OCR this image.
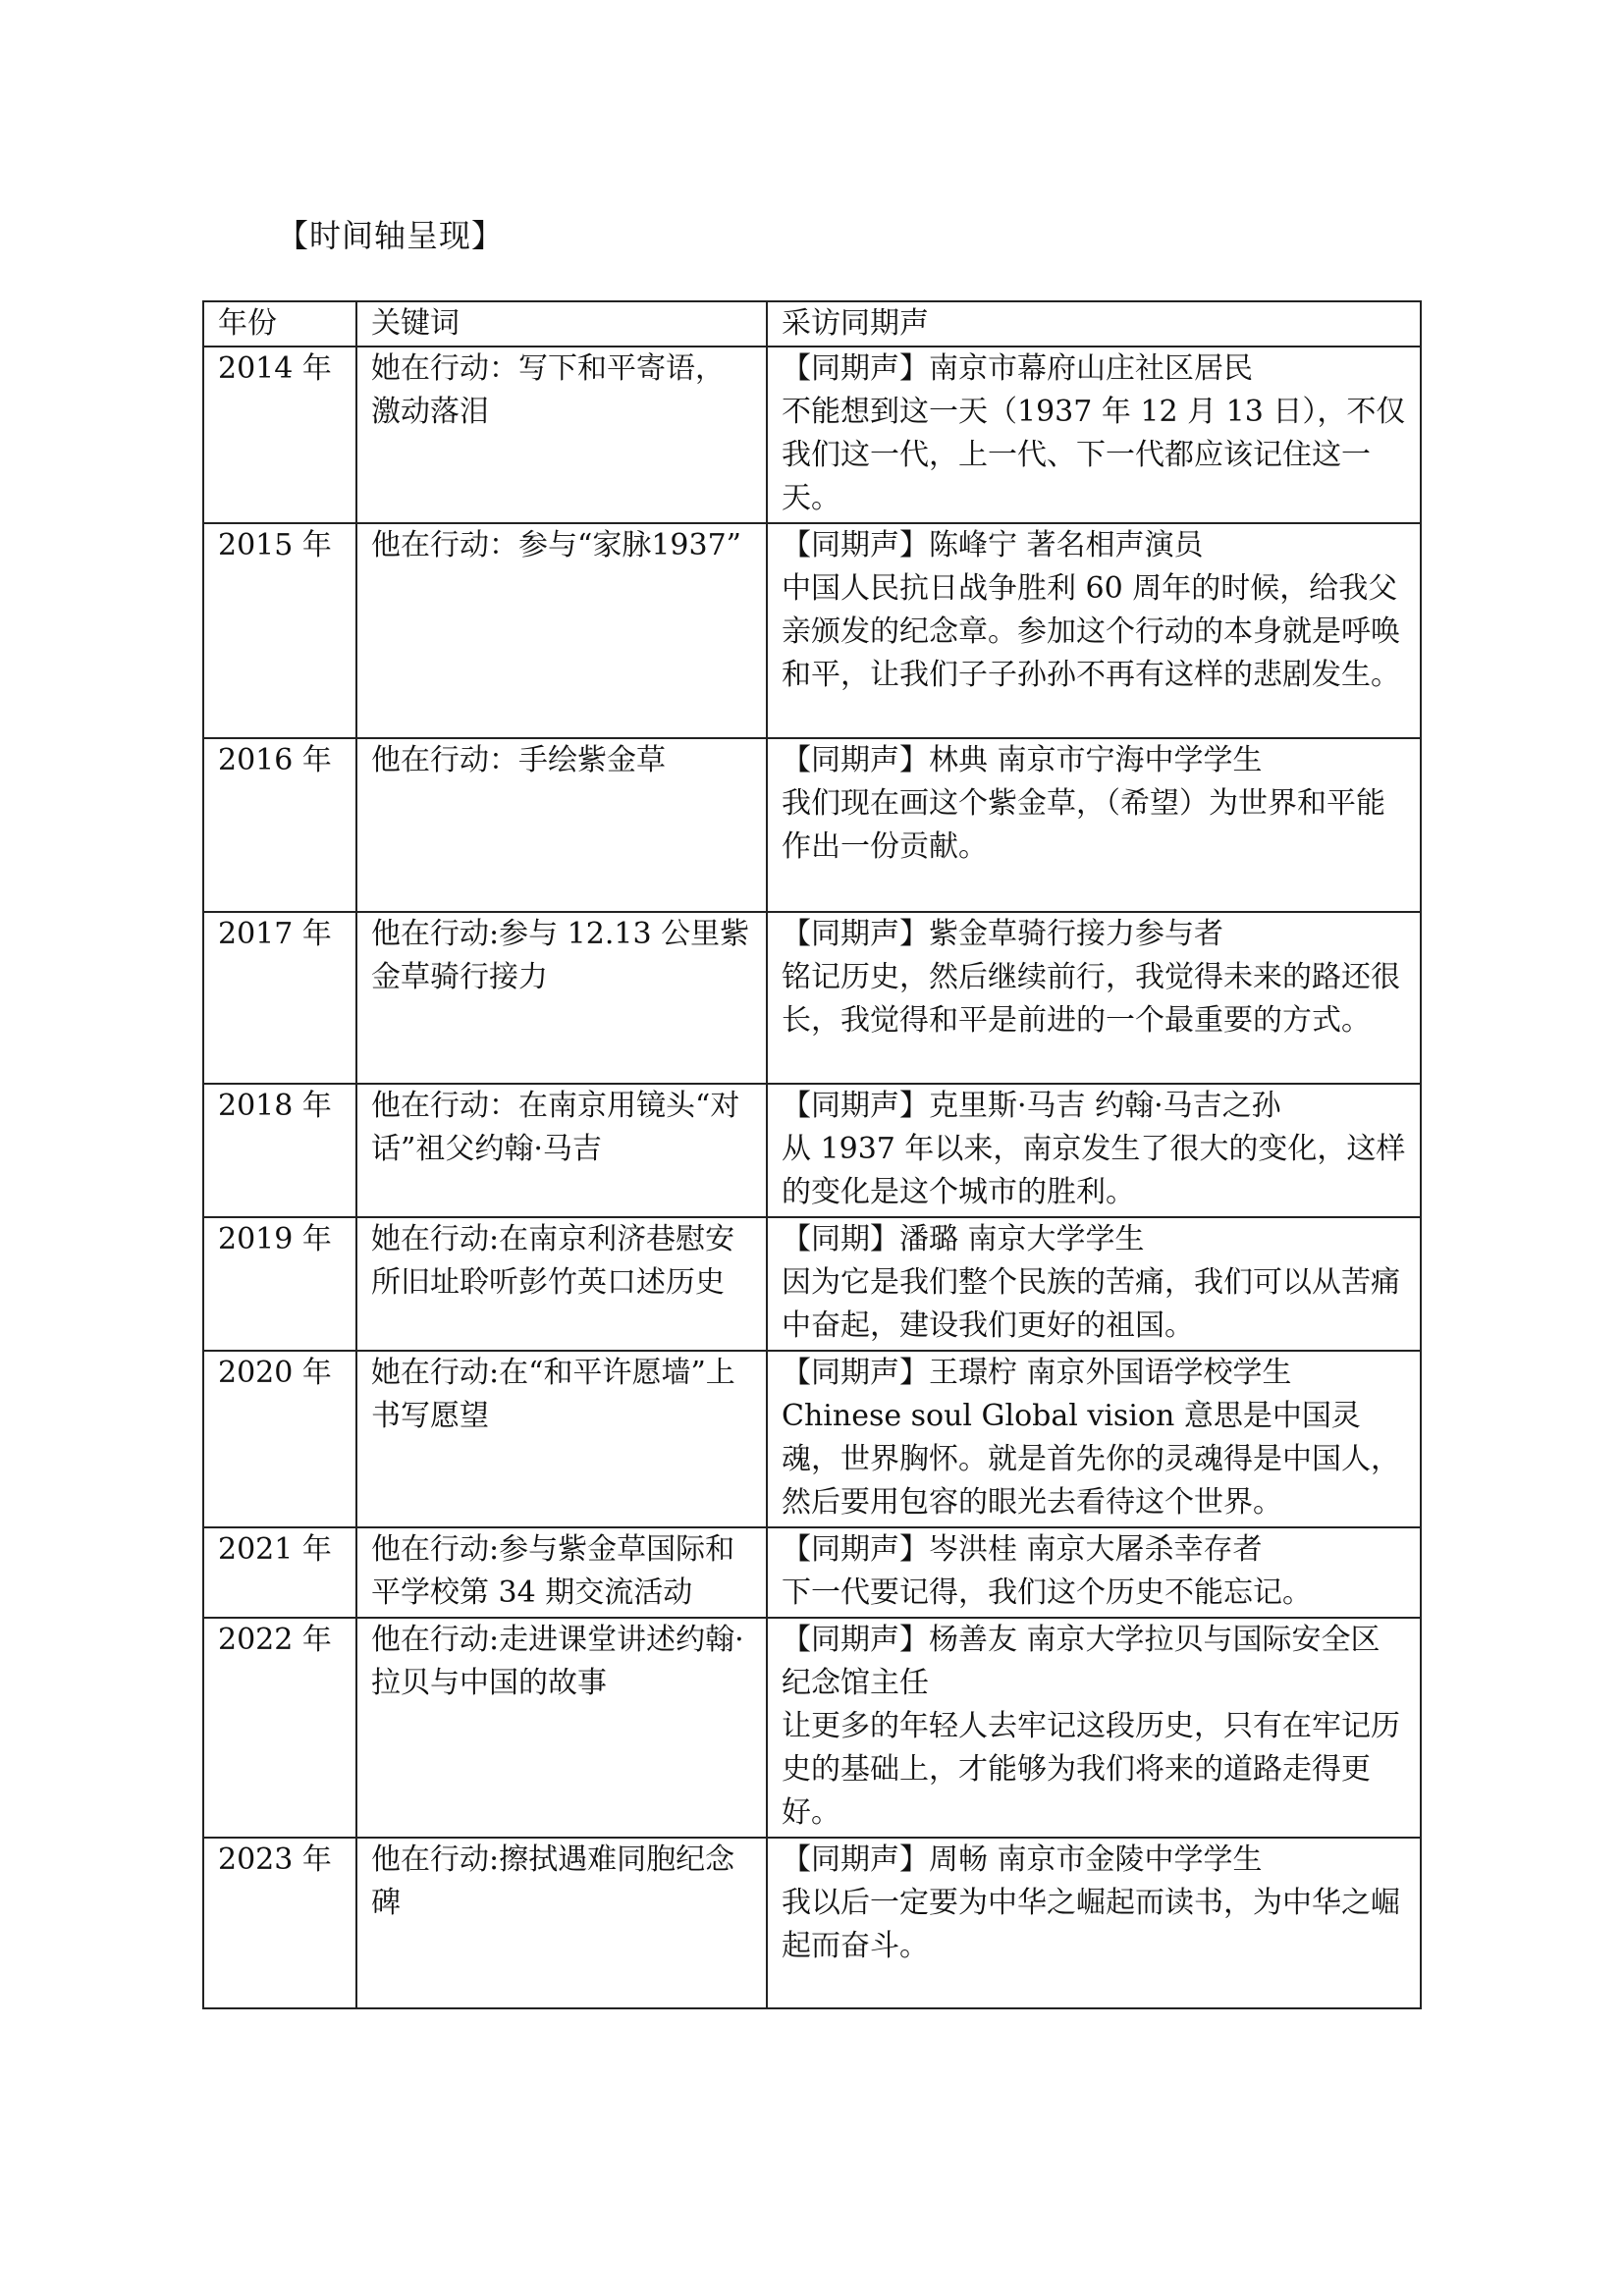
【时间轴呈现】
年份	关键词	采访同期声
2014 年	她在行动：写下和平寄语，激动落泪	【同期声】南京市幕府山庄社区居民
不能想到这一天（1937 年 12 月 13 日），不仅我们这一代，上一代、下一代都应该记住这一天。

2015 年	他在行动：参与“家脉1937”	【同期声】陈峰宁 著名相声演员
中国人民抗日战争胜利 60 周年的时候，给我父亲颁发的纪念章。参加这个行动的本身就是呼唤和平，让我们子子孙孙不再有这样的悲剧发生。

2016 年	他在行动：手绘紫金草	【同期声】林典 南京市宁海中学学生
我们现在画这个紫金草，（希望）为世界和平能作出一份贡献。

2017 年	他在行动:参与 12.13 公里紫金草骑行接力	【同期声】紫金草骑行接力参与者
铭记历史，然后继续前行，我觉得未来的路还很长，我觉得和平是前进的一个最重要的方式。

2018 年	他在行动：在南京用镜头“对话”祖父约翰·马吉	【同期声】克里斯·马吉 约翰·马吉之孙
从 1937 年以来，南京发生了很大的变化，这样的变化是这个城市的胜利。

2019 年	她在行动:在南京利济巷慰安所旧址聆听彭竹英口述历史	【同期】潘璐 南京大学学生
因为它是我们整个民族的苦痛，我们可以从苦痛中奋起，建设我们更好的祖国。

2020 年	她在行动:在“和平许愿墙”上书写愿望	【同期声】王璟柠 南京外国语学校学生
Chinese soul Global vision 意思是中国灵魂，世界胸怀。就是首先你的灵魂得是中国人，然后要用包容的眼光去看待这个世界。

2021 年	他在行动:参与紫金草国际和平学校第 34 期交流活动	【同期声】岑洪桂 南京大屠杀幸存者
下一代要记得，我们这个历史不能忘记。

2022 年	他在行动:走进课堂讲述约翰·拉贝与中国的故事	【同期声】杨善友 南京大学拉贝与国际安全区纪念馆主任
让更多的年轻人去牢记这段历史，只有在牢记历史的基础上，才能够为我们将来的道路走得更好。

2023 年	他在行动:擦拭遇难同胞纪念碑	【同期声】周畅 南京市金陵中学学生
我以后一定要为中华之崛起而读书，为中华之崛起而奋斗。
